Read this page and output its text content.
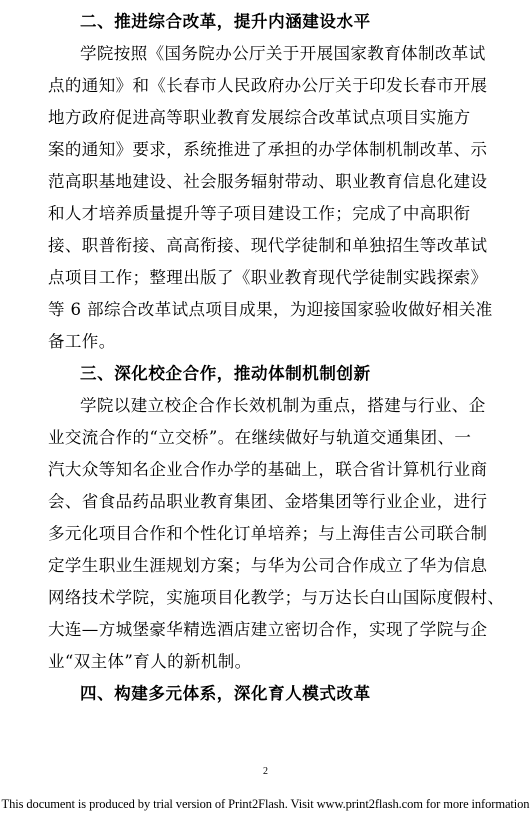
二、推进综合改革，提升内涵建设水平
学院按照《国务院办公厅关于开展国家教育体制改革试
点的通知》和《长春市人民政府办公厅关于印发长春市开展
地方政府促进高等职业教育发展综合改革试点项目实施方
案的通知》要求，系统推进了承担的办学体制机制改革、示
范高职基地建设、社会服务辐射带动、职业教育信息化建设
和人才培养质量提升等子项目建设工作；完成了中高职衔
接、职普衔接、高高衔接、现代学徒制和单独招生等改革试
点项目工作；整理出版了《职业教育现代学徒制实践探索》
等 6 部综合改革试点项目成果，为迎接国家验收做好相关准
备工作。
三、深化校企合作，推动体制机制创新
学院以建立校企合作长效机制为重点，搭建与行业、企
业交流合作的“立交桥”。在继续做好与轨道交通集团、一
汽大众等知名企业合作办学的基础上，联合省计算机行业商
会、省食品药品职业教育集团、金塔集团等行业企业，进行
多元化项目合作和个性化订单培养；与上海佳吉公司联合制
定学生职业生涯规划方案；与华为公司合作成立了华为信息
网络技术学院，实施项目化教学；与万达长白山国际度假村、
大连—方城堡豪华精选酒店建立密切合作，实现了学院与企
业“双主体”育人的新机制。
四、构建多元体系，深化育人模式改革
2
This document is produced by trial version of Print2Flash. Visit www.print2flash.com for more information
